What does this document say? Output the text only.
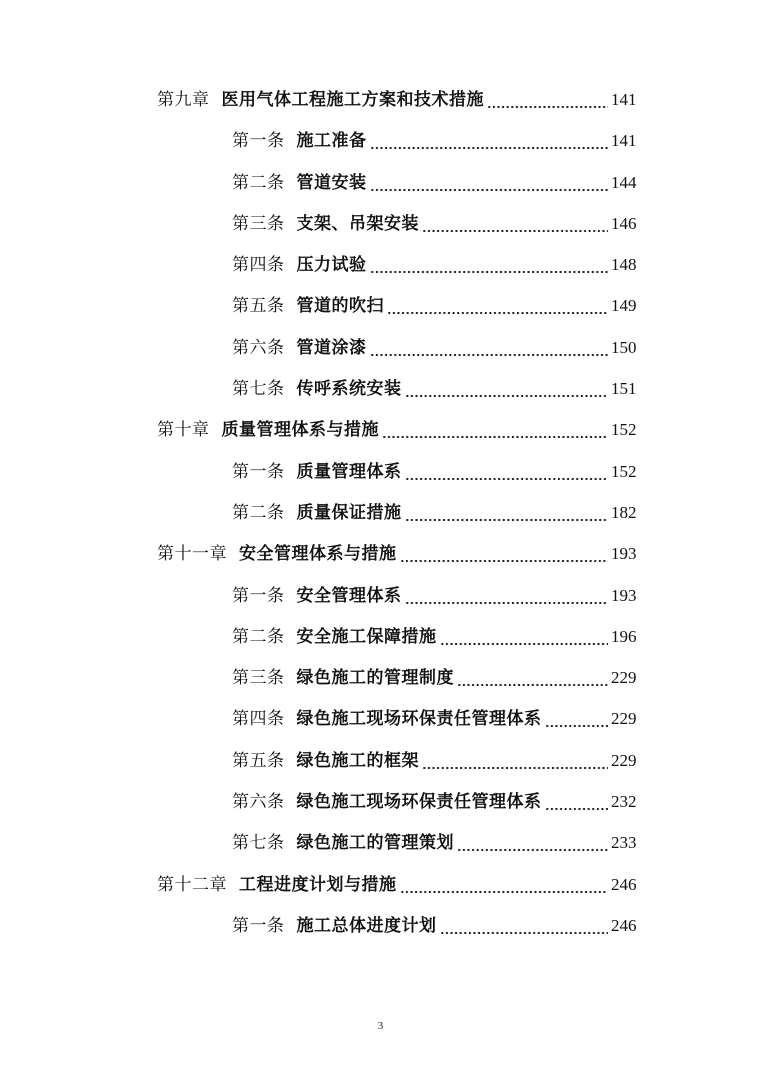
第九章 医用气体工程施工方案和技术措施	141
第一条 施工准备	141
第二条 管道安装	144
第三条 支架、吊架安装	146
第四条 压力试验	148
第五条 管道的吹扫	149
第六条 管道涂漆	150
第七条 传呼系统安装	151
第十章 质量管理体系与措施	152
第一条 质量管理体系	152
第二条 质量保证措施	182
第十一章 安全管理体系与措施	193
第一条 安全管理体系	193
第二条 安全施工保障措施	196
第三条 绿色施工的管理制度	229
第四条 绿色施工现场环保责任管理体系	229
第五条 绿色施工的框架	229
第六条 绿色施工现场环保责任管理体系	232
第七条 绿色施工的管理策划	233
第十二章 工程进度计划与措施	246
第一条 施工总体进度计划	246
3
